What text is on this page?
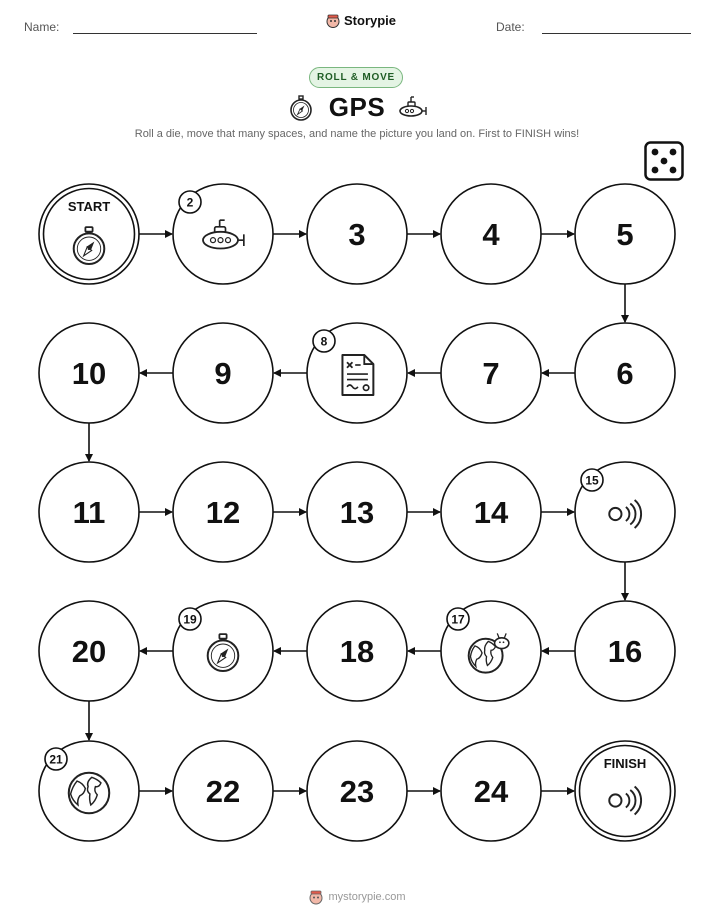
Name:	Storypie	Date:
ROLL & MOVE
GPS
Roll a die, move that many spaces, and name the picture you land on. First to FINISH wins!
START	2
3	4	5
6
7
8
9
10
11	12	13	14
15
16
17
18
19
20
21
22	23	24
FINISH
mystorypie.com
